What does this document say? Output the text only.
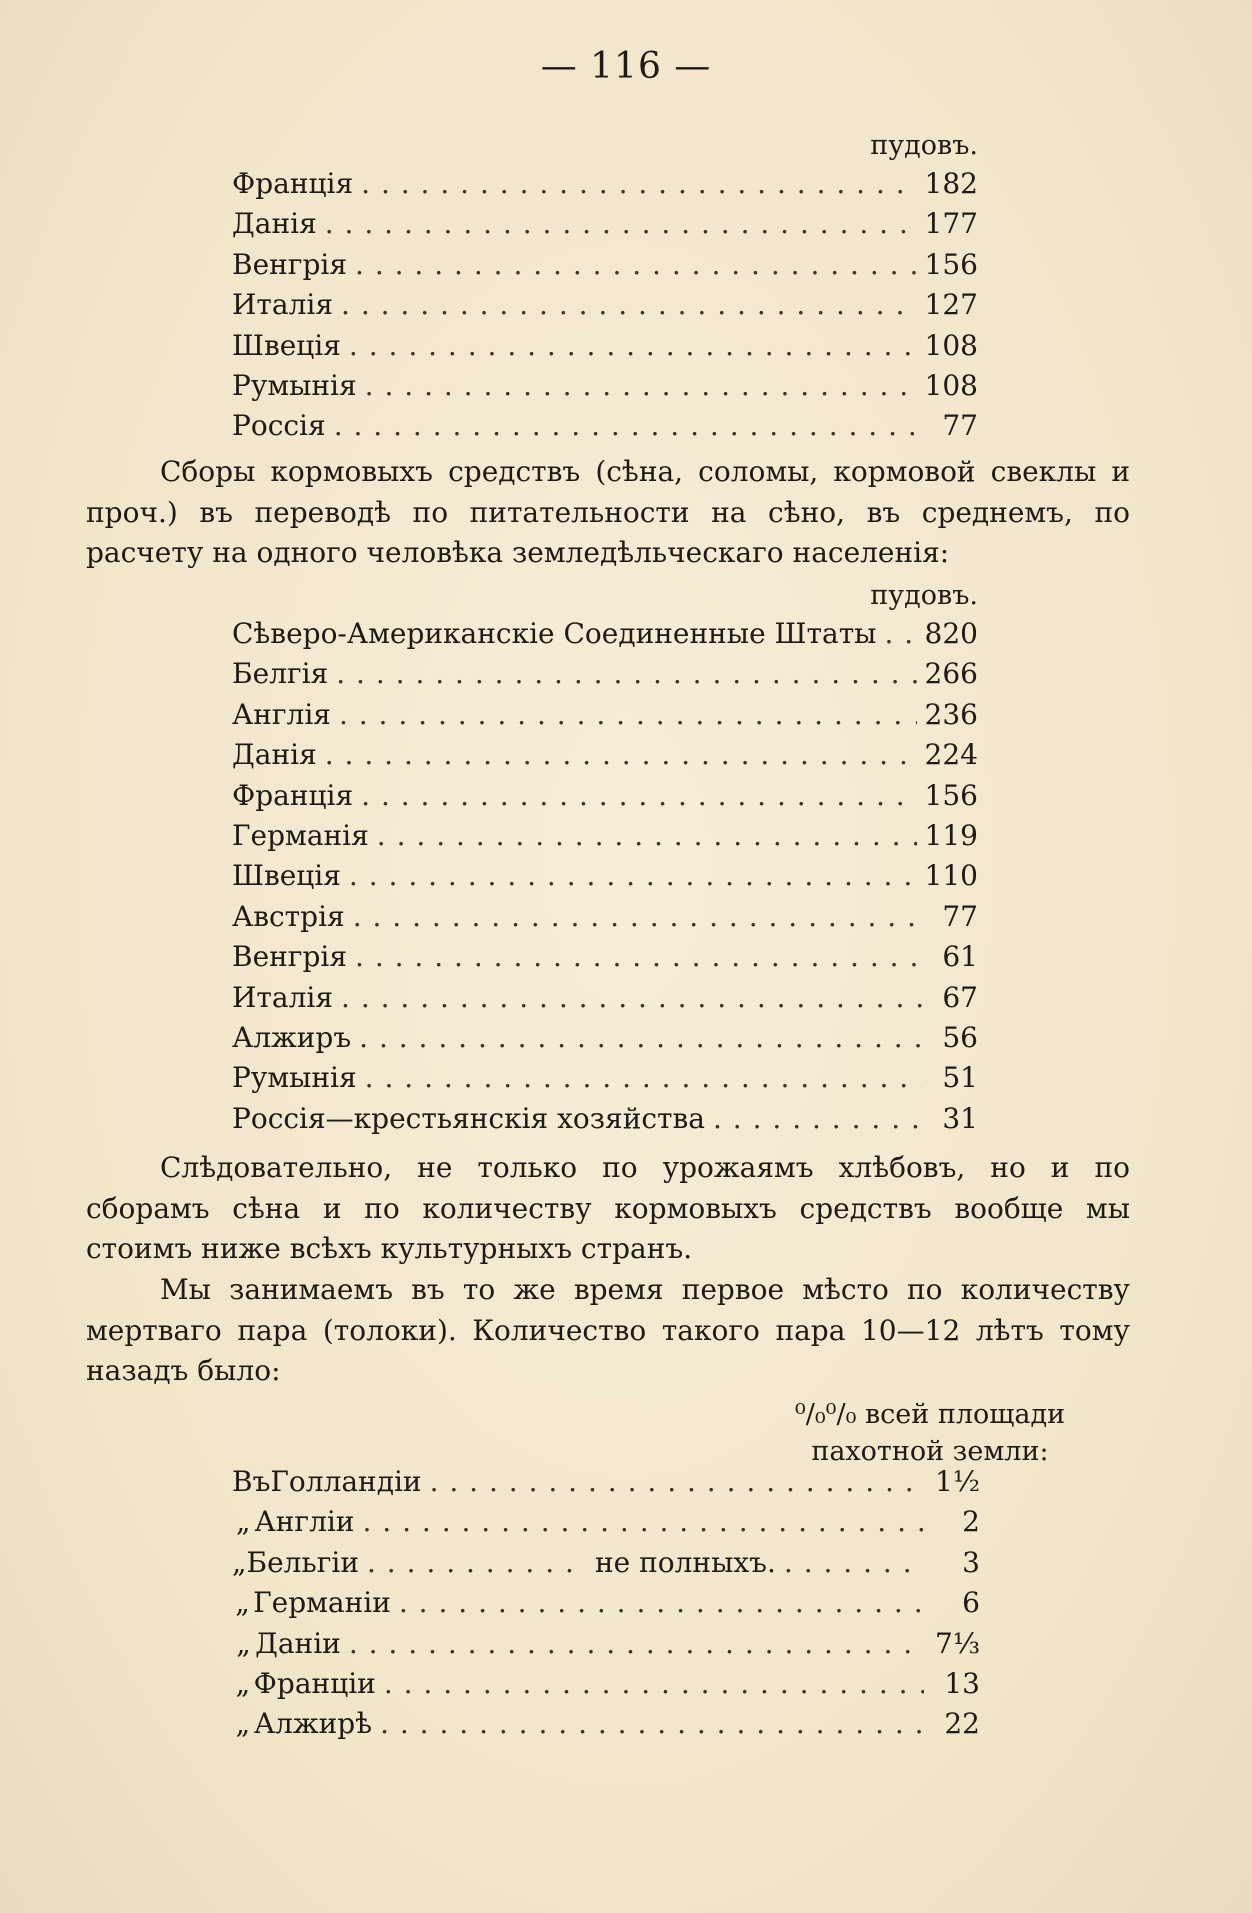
— 116 —
пудовъ.
Франція . . .	182
Данія . . .	177
Венгрія . . .	156
Италія . . .	127
Швеція . . .	108
Румынія . . .	108
Россія . . .	77

Сборы кормовыхъ средствъ (сѣна, соломы, кормовой свеклы и проч.) въ переводѣ по питательности на сѣно, въ среднемъ, по расчету на одного человѣка земледѣльческаго населенія:

пудовъ.
Сѣверо-Американскіе Соединенные Штаты . . . 820
Белгія . . .	266
Англія . . .	236
Данія . . .	224
Франція . . .	156
Германія . . .	119
Швеція . . .	110
Австрія . . .	77
Венгрія . . .	61
Италія . . .	67
Алжиръ . . .	56
Румынія . . .	51
Россія—крестьянскія хозяйства . . .	31

Слѣдовательно, не только по урожаямъ хлѣбовъ, но и по сборамъ сѣна и по количеству кормовыхъ средствъ вообще мы стоимъ ниже всѣхъ культурныхъ странъ.

Мы занимаемъ въ то же время первое мѣсто по количеству мертваго пара (толоки). Количество такого пара 10—12 лѣтъ тому назадъ было:

⁰/₀⁰/₀ всей площади
пахотной земли:
Въ Голландіи . . .	1½
„ Англіи . . .	2
„ Бельгіи . . .	не полныхъ. . . .	3
„ Германіи . . .	6
„ Даніи . . .	7⅓
„ Франціи . . .	13
„ Алжирѣ . . .	22
